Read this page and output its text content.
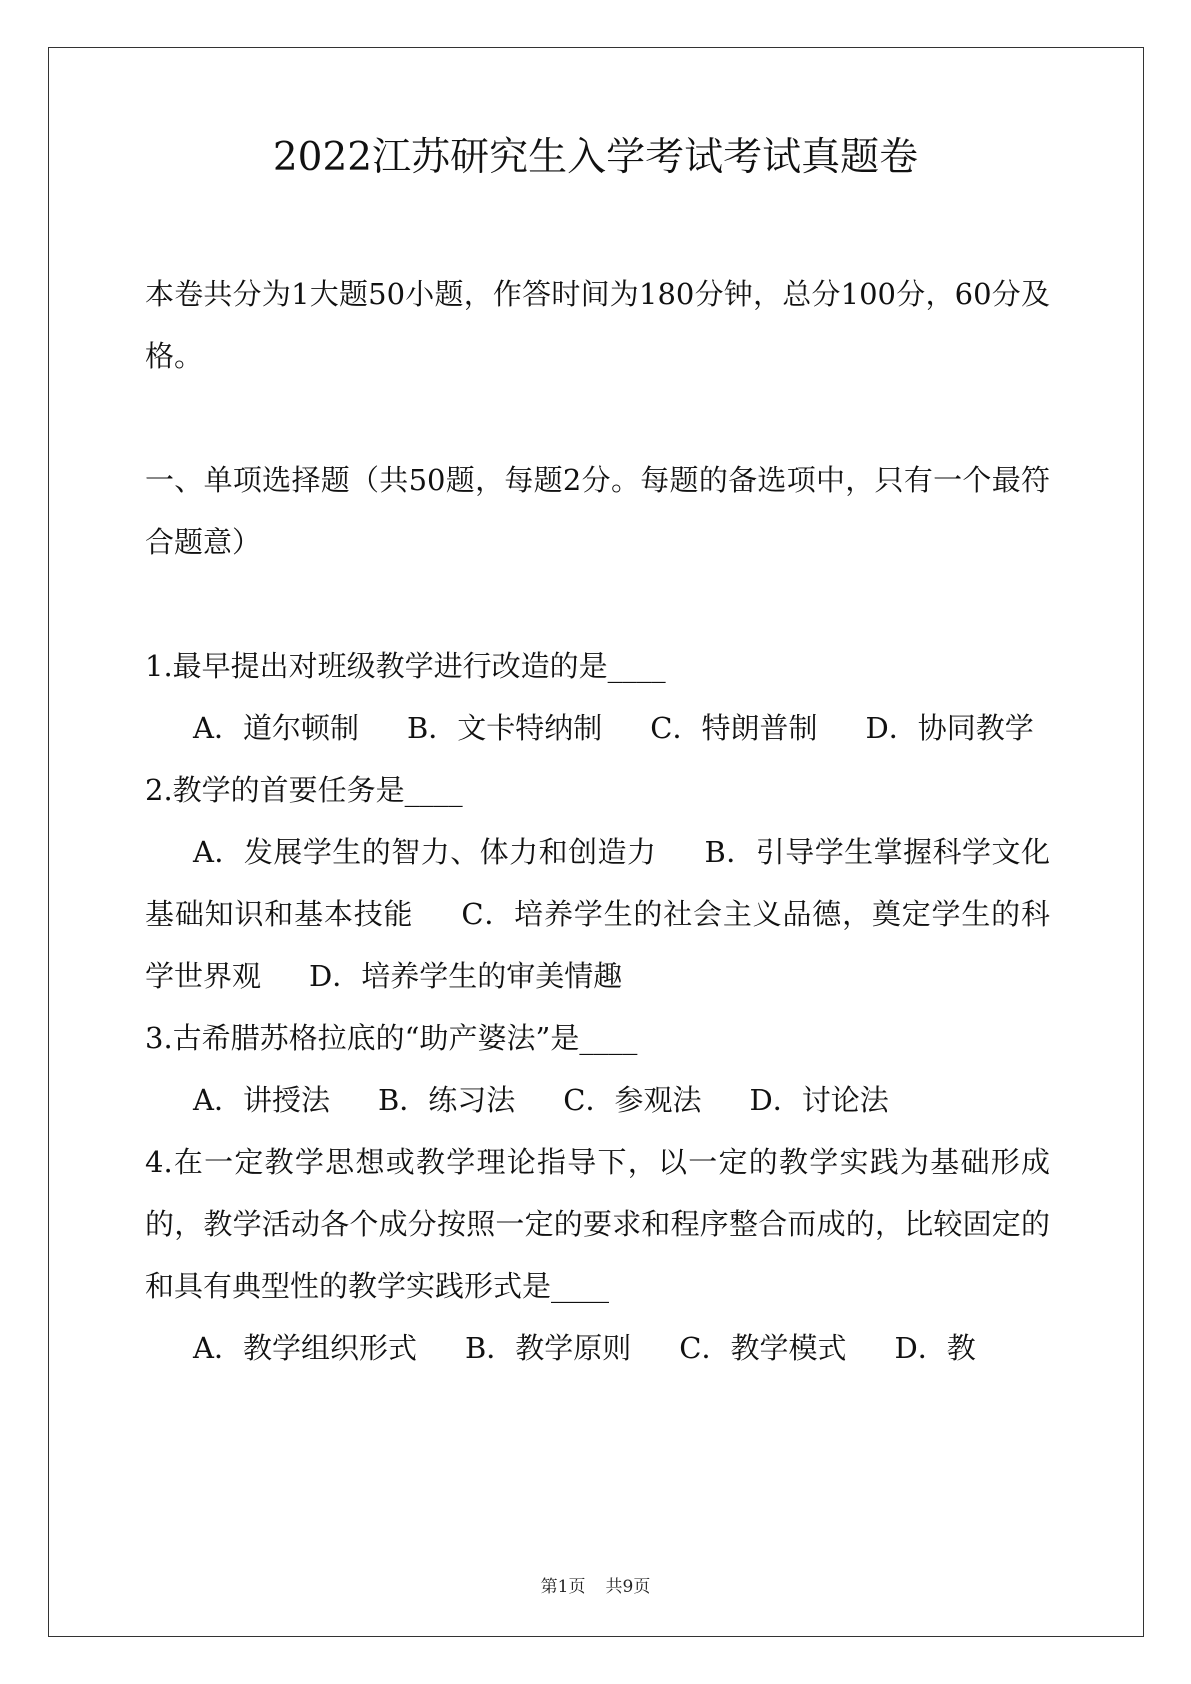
2022江苏研究生入学考试考试真题卷

本卷共分为1大题50小题，作答时间为180分钟，总分100分，60分及格。

一、单项选择题（共50题，每题2分。每题的备选项中，只有一个最符合题意）

1.最早提出对班级教学进行改造的是____

A．道尔顿制 B．文卡特纳制 C．特朗普制 D．协同教学

2.教学的首要任务是____

A．发展学生的智力、体力和创造力 B．引导学生掌握科学文化基础知识和基本技能 C．培养学生的社会主义品德，奠定学生的科学世界观 D．培养学生的审美情趣

3.古希腊苏格拉底的“助产婆法”是____

A．讲授法 B．练习法 C．参观法 D．讨论法

4.在一定教学思想或教学理论指导下，以一定的教学实践为基础形成的，教学活动各个成分按照一定的要求和程序整合而成的，比较固定的和具有典型性的教学实践形式是____

A．教学组织形式 B．教学原则 C．教学模式 D．教

第1页 共9页
